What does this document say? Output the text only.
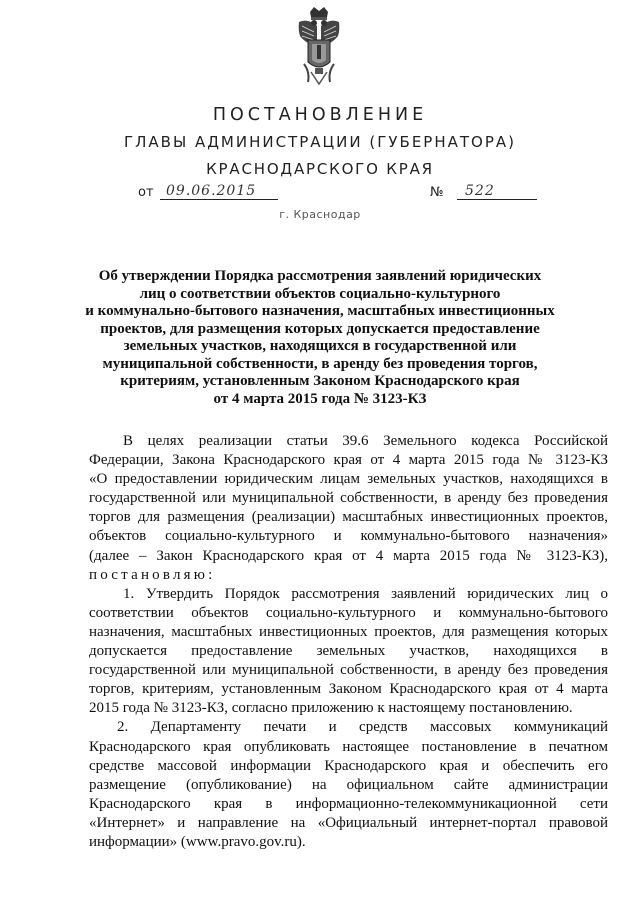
ПОСТАНОВЛЕНИЕ
ГЛАВЫ АДМИНИСТРАЦИИ (ГУБЕРНАТОРА)
КРАСНОДАРСКОГО КРАЯ
от 09.06.2015	№	522
г. Краснодар
Об утверждении Порядка рассмотрения заявлений юридических
лиц о соответствии объектов социально-культурного
и коммунально-бытового назначения, масштабных инвестиционных
проектов, для размещения которых допускается предоставление
земельных участков, находящихся в государственной или
муниципальной собственности, в аренду без проведения торгов,
критериям, установленным Законом Краснодарского края
от 4 марта 2015 года № 3123-КЗ
В целях реализации статьи 39.6 Земельного кодекса Российской
Федерации, Закона Краснодарского края от 4 марта 2015 года № 3123-КЗ
«О предоставлении юридическим лицам земельных участков, находящихся в
государственной или муниципальной собственности, в аренду без проведения
торгов для размещения (реализации) масштабных инвестиционных проектов,
объектов социально-культурного и коммунально-бытового назначения»
(далее – Закон Краснодарского края от 4 марта 2015 года № 3123-КЗ),
постановляю:
1. Утвердить Порядок рассмотрения заявлений юридических лиц о
соответствии объектов социально-культурного и коммунально-бытового
назначения, масштабных инвестиционных проектов, для размещения которых
допускается предоставление земельных участков, находящихся в
государственной или муниципальной собственности, в аренду без проведения
торгов, критериям, установленным Законом Краснодарского края от 4 марта
2015 года № 3123-КЗ, согласно приложению к настоящему постановлению.
2. Департаменту печати и средств массовых коммуникаций
Краснодарского края опубликовать настоящее постановление в печатном
средстве массовой информации Краснодарского края и обеспечить его
размещение (опубликование) на официальном сайте администрации
Краснодарского края в информационно-телекоммуникационной сети
«Интернет» и направление на «Официальный интернет-портал правовой
информации» (www.pravo.gov.ru).
